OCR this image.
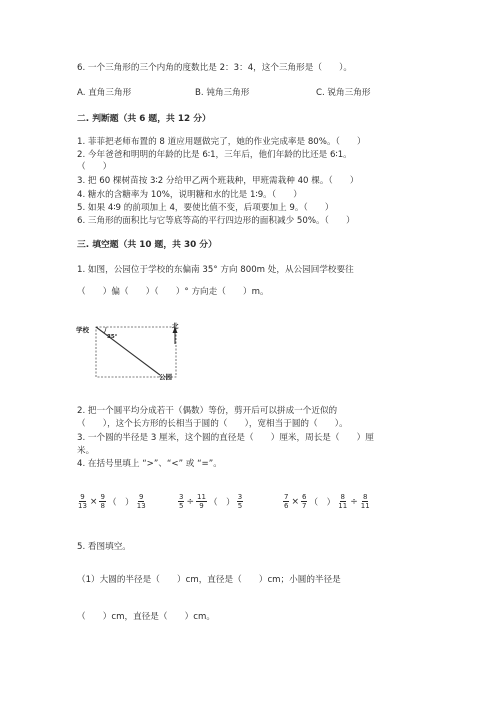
6. 一个三角形的三个内角的度数比是 2：3：4，这个三角形是（　　）。
A. 直角三角形	B. 钝角三角形	C. 锐角三角形
二. 判断题（共 6 题，共 12 分）
1. 菲菲把老师布置的 8 道应用题做完了，她的作业完成率是 80%。（　　）
2. 今年爸爸和明明的年龄的比是 6∶1，三年后，他们年龄的比还是 6∶1。
（　　）
3. 把 60 棵树苗按 3∶2 分给甲乙两个班栽种，甲班需栽种 40 棵。（　　）
4. 糖水的含糖率为 10%，说明糖和水的比是 1∶9。（　　）
5. 如果 4∶9 的前项加上 4，要使比值不变，后项要加上 9。（　　）
6. 三角形的面积比与它等底等高的平行四边形的面积减少 50%。（　　）
三. 填空题（共 10 题，共 30 分）
1. 如图，公园位于学校的东偏南 35° 方向 800m 处，从公园回学校要往
（　　）偏（　　）（　　）° 方向走（　　）m。
学校
35°
公园
北
2. 把一个圆平均分成若干（偶数）等份，剪开后可以拼成一个近似的
（　　），这个长方形的长相当于圆的（　　），宽相当于圆的（　　）。
3. 一个圆的半径是 3 厘米，这个圆的直径是（　　）厘米，周长是（　　）厘
米。
4. 在括号里填上 “>”、“<” 或 “=”。
$\frac{9}{13} \times \frac{9}{8}$ （　） $\frac{9}{13}$	$\frac{3}{5} \div \frac{11}{9}$ （　） $\frac{3}{5}$	$\frac{7}{6} \times \frac{6}{7}$ （　） $\frac{8}{11} \div \frac{8}{11}$
5. 看图填空。
（1）大圆的半径是（　　）cm，直径是（　　）cm；小圆的半径是
（　　）cm，直径是（　　）cm。
